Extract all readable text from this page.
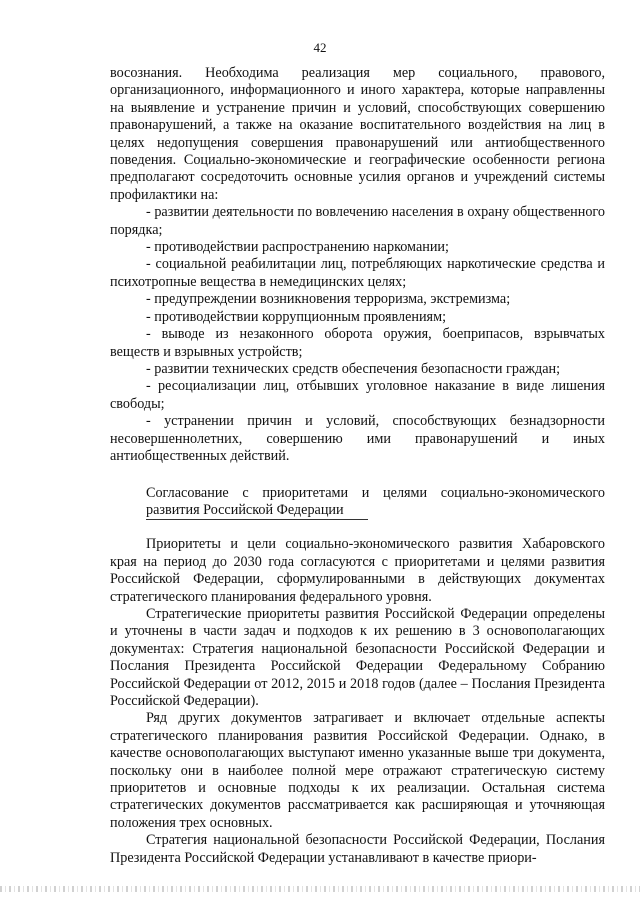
42

восознания. Необходима реализация мер социального, правового, организационного, информационного и иного характера, которые направленны на выявление и устранение причин и условий, способствующих совершению правонарушений, а также на оказание воспитательного воздействия на лиц в целях недопущения совершения правонарушений или антиобщественного поведения. Социально-экономические и географические особенности региона предполагают сосредоточить основные усилия органов и учреждений системы профилактики на:

- развитии деятельности по вовлечению населения в охрану общественного порядка;

- противодействии распространению наркомании;

- социальной реабилитации лиц, потребляющих наркотические средства и психотропные вещества в немедицинских целях;

- предупреждении возникновения терроризма, экстремизма;

- противодействии коррупционным проявлениям;

- выводе из незаконного оборота оружия, боеприпасов, взрывчатых веществ и взрывных устройств;

- развитии технических средств обеспечения безопасности граждан;

- ресоциализации лиц, отбывших уголовное наказание в виде лишения свободы;

- устранении причин и условий, способствующих безнадзорности несовершеннолетних, совершению ими правонарушений и иных антиобщественных действий.

Согласование с приоритетами и целями социально-экономического
развития Российской Федерации

Приоритеты и цели социально-экономического развития Хабаровского края на период до 2030 года согласуются с приоритетами и целями развития Российской Федерации, сформулированными в действующих документах стратегического планирования федерального уровня.

Стратегические приоритеты развития Российской Федерации определены и уточнены в части задач и подходов к их решению в 3 основополагающих документах: Стратегия национальной безопасности Российской Федерации и Послания Президента Российской Федерации Федеральному Собранию Российской Федерации от 2012, 2015 и 2018 годов (далее – Послания Президента Российской Федерации).

Ряд других документов затрагивает и включает отдельные аспекты стратегического планирования развития Российской Федерации. Однако, в качестве основополагающих выступают именно указанные выше три документа, поскольку они в наиболее полной мере отражают стратегическую систему приоритетов и основные подходы к их реализации. Остальная система стратегических документов рассматривается как расширяющая и уточняющая положения трех основных.

Стратегия национальной безопасности Российской Федерации, Послания Президента Российской Федерации устанавливают в качестве приори-
